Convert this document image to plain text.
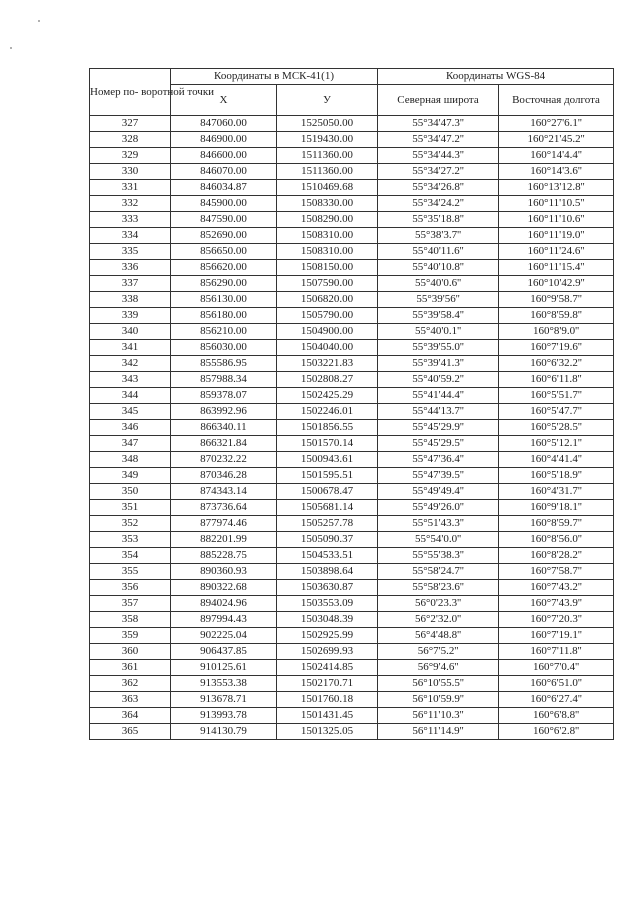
Номер по- воротной точки	Координаты в МСК-41(1)		Координаты WGS-84	
	X	У	Северная широта	Восточная долгота
327	847060.00	1525050.00	55°34'47.3''	160°27'6.1''
328	846900.00	1519430.00	55°34'47.2''	160°21'45.2''
329	846600.00	1511360.00	55°34'44.3''	160°14'4.4''
330	846070.00	1511360.00	55°34'27.2''	160°14'3.6''
331	846034.87	1510469.68	55°34'26.8''	160°13'12.8''
332	845900.00	1508330.00	55°34'24.2''	160°11'10.5''
333	847590.00	1508290.00	55°35'18.8''	160°11'10.6''
334	852690.00	1508310.00	55°38'3.7''	160°11'19.0''
335	856650.00	1508310.00	55°40'11.6''	160°11'24.6''
336	856620.00	1508150.00	55°40'10.8''	160°11'15.4''
337	856290.00	1507590.00	55°40'0.6''	160°10'42.9''
338	856130.00	1506820.00	55°39'56''	160°9'58.7''
339	856180.00	1505790.00	55°39'58.4''	160°8'59.8''
340	856210.00	1504900.00	55°40'0.1''	160°8'9.0''
341	856030.00	1504040.00	55°39'55.0''	160°7'19.6''
342	855586.95	1503221.83	55°39'41.3''	160°6'32.2''
343	857988.34	1502808.27	55°40'59.2''	160°6'11.8''
344	859378.07	1502425.29	55°41'44.4''	160°5'51.7''
345	863992.96	1502246.01	55°44'13.7''	160°5'47.7''
346	866340.11	1501856.55	55°45'29.9''	160°5'28.5''
347	866321.84	1501570.14	55°45'29.5''	160°5'12.1''
348	870232.22	1500943.61	55°47'36.4''	160°4'41.4''
349	870346.28	1501595.51	55°47'39.5''	160°5'18.9''
350	874343.14	1500678.47	55°49'49.4''	160°4'31.7''
351	873736.64	1505681.14	55°49'26.0''	160°9'18.1''
352	877974.46	1505257.78	55°51'43.3''	160°8'59.7''
353	882201.99	1505090.37	55°54'0.0''	160°8'56.0''
354	885228.75	1504533.51	55°55'38.3''	160°8'28.2''
355	890360.93	1503898.64	55°58'24.7''	160°7'58.7''
356	890322.68	1503630.87	55°58'23.6''	160°7'43.2''
357	894024.96	1503553.09	56°0'23.3''	160°7'43.9''
358	897994.43	1503048.39	56°2'32.0''	160°7'20.3''
359	902225.04	1502925.99	56°4'48.8''	160°7'19.1''
360	906437.85	1502699.93	56°7'5.2''	160°7'11.8''
361	910125.61	1502414.85	56°9'4.6''	160°7'0.4''
362	913553.38	1502170.71	56°10'55.5''	160°6'51.0''
363	913678.71	1501760.18	56°10'59.9''	160°6'27.4''
364	913993.78	1501431.45	56°11'10.3''	160°6'8.8''
365	914130.79	1501325.05	56°11'14.9''	160°6'2.8''
